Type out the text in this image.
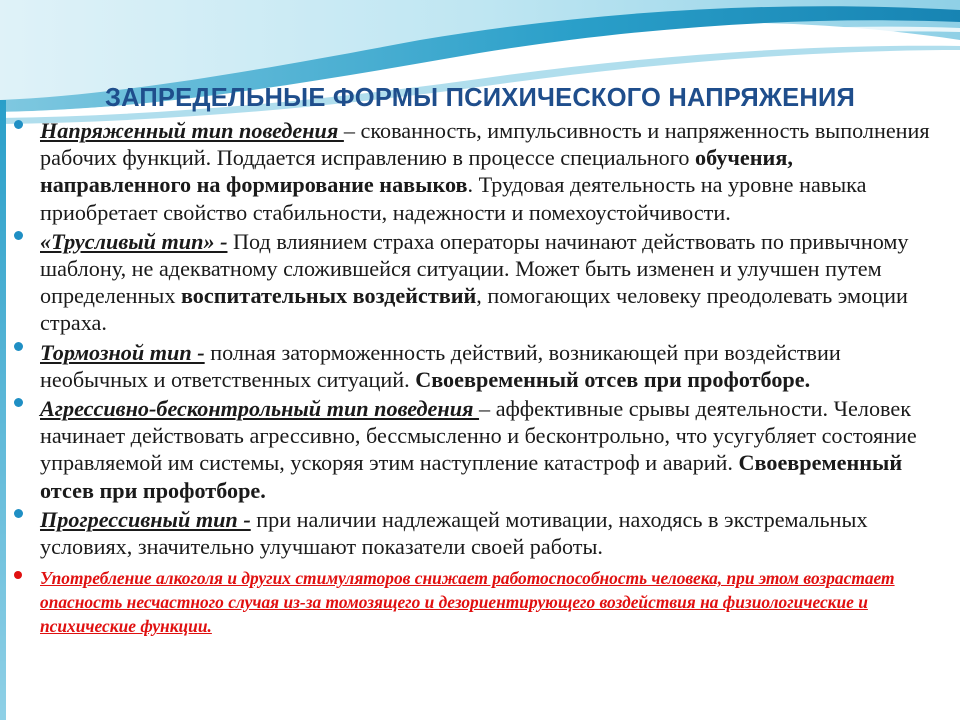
ЗАПРЕДЕЛЬНЫЕ ФОРМЫ ПСИХИЧЕСКОГО НАПРЯЖЕНИЯ
Напряженный тип поведения – скованность, импульсивность и напряженность выполнения рабочих функций. Поддается исправлению в процессе специального обучения, направленного на формирование навыков. Трудовая деятельность на уровне навыка приобретает свойство стабильности, надежности и помехоустойчивости.
«Трусливый тип» - Под влиянием страха операторы начинают действовать по привычному шаблону, не адекватному сложившейся ситуации. Может быть изменен и улучшен путем определенных воспитательных воздействий, помогающих человеку преодолевать эмоции страха.
Тормозной тип - полная заторможенность действий, возникающей при воздействии необычных и ответственных ситуаций. Своевременный отсев при профотборе.
Агрессивно-бесконтрольный тип поведения – аффективные срывы деятельности. Человек начинает действовать агрессивно, бессмысленно и бесконтрольно, что усугубляет состояние управляемой им системы, ускоряя этим наступление катастроф и аварий. Своевременный отсев при профотборе.
Прогрессивный тип - при наличии надлежащей мотивации, находясь в экстремальных условиях, значительно улучшают показатели своей работы.
Употребление алкоголя и других стимуляторов снижает работоспособность человека, при этом возрастает опасность несчастного случая из-за томозящего и дезориентирующего воздействия на физиологические и психические функции.
